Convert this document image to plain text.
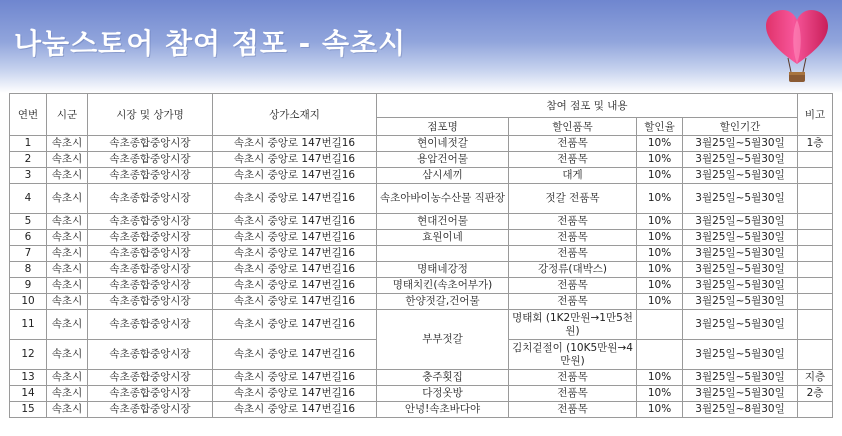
나눔스토어 참여 점포 - 속초시
연번	시군	시장 및 상가명	상가소재지	참여 점포 및 내용				비고
				점포명	할인품목	할인율	할인기간	
1	속초시	속초종합중앙시장	속초시 중앙로 147번길16	현이네젓갈	전품목	10%	3월25일~5월30일	1층
2	속초시	속초종합중앙시장	속초시 중앙로 147번길16	용암건어물	전품목	10%	3월25일~5월30일	
3	속초시	속초종합중앙시장	속초시 중앙로 147번길16	삼시세끼	대게	10%	3월25일~5월30일	
4	속초시	속초종합중앙시장	속초시 중앙로 147번길16	속초아바이농수산물 직판장	젓갈 전품목	10%	3월25일~5월30일	
5	속초시	속초종합중앙시장	속초시 중앙로 147번길16	현대건어물	전품목	10%	3월25일~5월30일	
6	속초시	속초종합중앙시장	속초시 중앙로 147번길16	효원이네	전품목	10%	3월25일~5월30일	
7	속초시	속초종합중앙시장	속초시 중앙로 147번길16		전품목	10%	3월25일~5월30일	
8	속초시	속초종합중앙시장	속초시 중앙로 147번길16	명태네강정	강정류(대박스)	10%	3월25일~5월30일	
9	속초시	속초종합중앙시장	속초시 중앙로 147번길16	명태치킨(속초어부가)	전품목	10%	3월25일~5월30일	
10	속초시	속초종합중앙시장	속초시 중앙로 147번길16	한양젓갈,건어물	전품목	10%	3월25일~5월30일	
11	속초시	속초종합중앙시장	속초시 중앙로 147번길16	부부젓갈	명태회 (1K2만원→1만5천원)		3월25일~5월30일	
12	속초시	속초종합중앙시장	속초시 중앙로 147번길16		김치겉절이 (10K5만원→4만원)		3월25일~5월30일	
13	속초시	속초종합중앙시장	속초시 중앙로 147번길16	충주횟집	전품목	10%	3월25일~5월30일	지층
14	속초시	속초종합중앙시장	속초시 중앙로 147번길16	다정옷방	전품목	10%	3월25일~5월30일	2층
15	속초시	속초종합중앙시장	속초시 중앙로 147번길16	안녕!속초바다야	전품목	10%	3월25일~8월30일	
